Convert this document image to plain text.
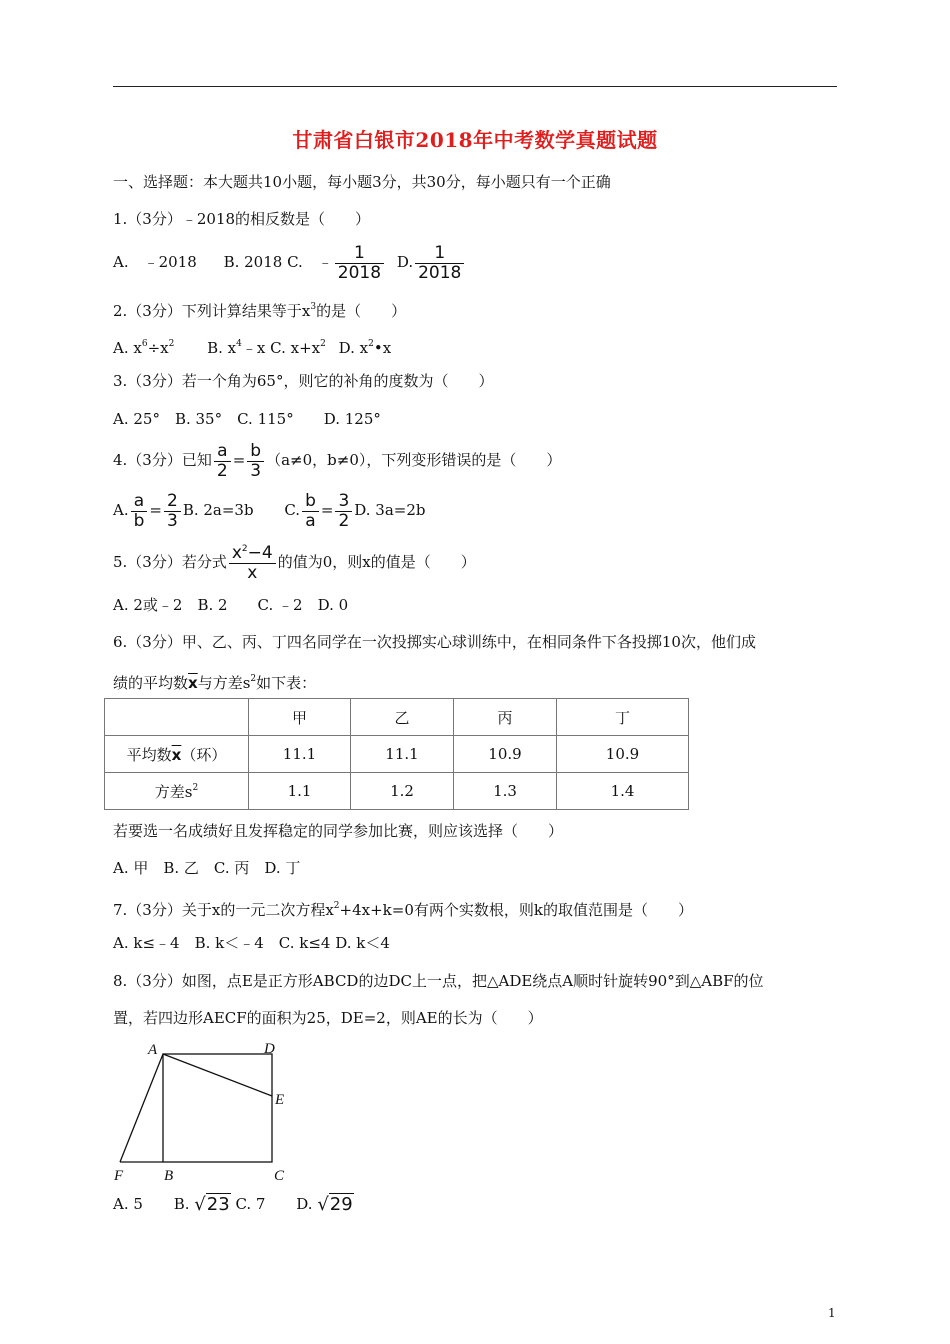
甘肃省白银市2018年中考数学真题试题
一、选择题：本大题共10小题，每小题3分，共30分，每小题只有一个正确
1.（3分）﹣2018的相反数是（　　）
A.　﹣2018 B. 2018 C.　﹣ $\frac{1}{2018} D$. $\frac{1}{2018}$
2.（3分）下列计算结果等于$x^3$的是（　　）
A. $x^6\div x^2$ B. $x^4﹣x$ C. $x+x^2$ D. $x^2•x$
3.（3分）若一个角为65°，则它的补角的度数为（　　）
A. 25°　B. 35°　C. 115°　　D. 125°
4.（3分）已知 $\frac{a}{2} = \frac{b}{3} (a\ne 0$，b≠0），下列变形错误的是（　　）
A. $\frac{a}{b} = \frac{2}{3} B$. 2a=3b C. $\frac{b}{a} = \frac{3}{2} D$. 3a=2b
5.（3分）若分式 $\frac{x^2-4}{x}$ 的值为0，则x的值是（　　）
A. 2或﹣2　B. 2　　C. ﹣2　D. 0
6.（3分）甲、乙、丙、丁四名同学在一次投掷实心球训练中，在相同条件下各投掷10次，他们成
绩的平均数$\overline{x}$与方差$s^2$如下表：
	甲	乙	丙	丁
平均数$\overline{x}$（环）	11.1	11.1	10.9	10.9
方差$s^2$	1.1	1.2	1.3	1.4
若要选一名成绩好且发挥稳定的同学参加比赛，则应该选择（　　）
A. 甲　B. 乙　C. 丙　D. 丁
7.（3分）关于x的一元二次方程$x^2+4x+k=0$有两个实数根，则k的取值范围是（　　）
A. k≤﹣4　B. k＜﹣4　C. k≤4 D. k＜4
8.（3分）如图，点E是正方形ABCD的边DC上一点，把△ADE绕点A顺时针旋转90°到△ABF的位
置，若四边形AECF的面积为25，DE=2，则AE的长为（　　）
A	D
E
F	B	C
A. 5 B. √23 C. 7 D. √29
1
